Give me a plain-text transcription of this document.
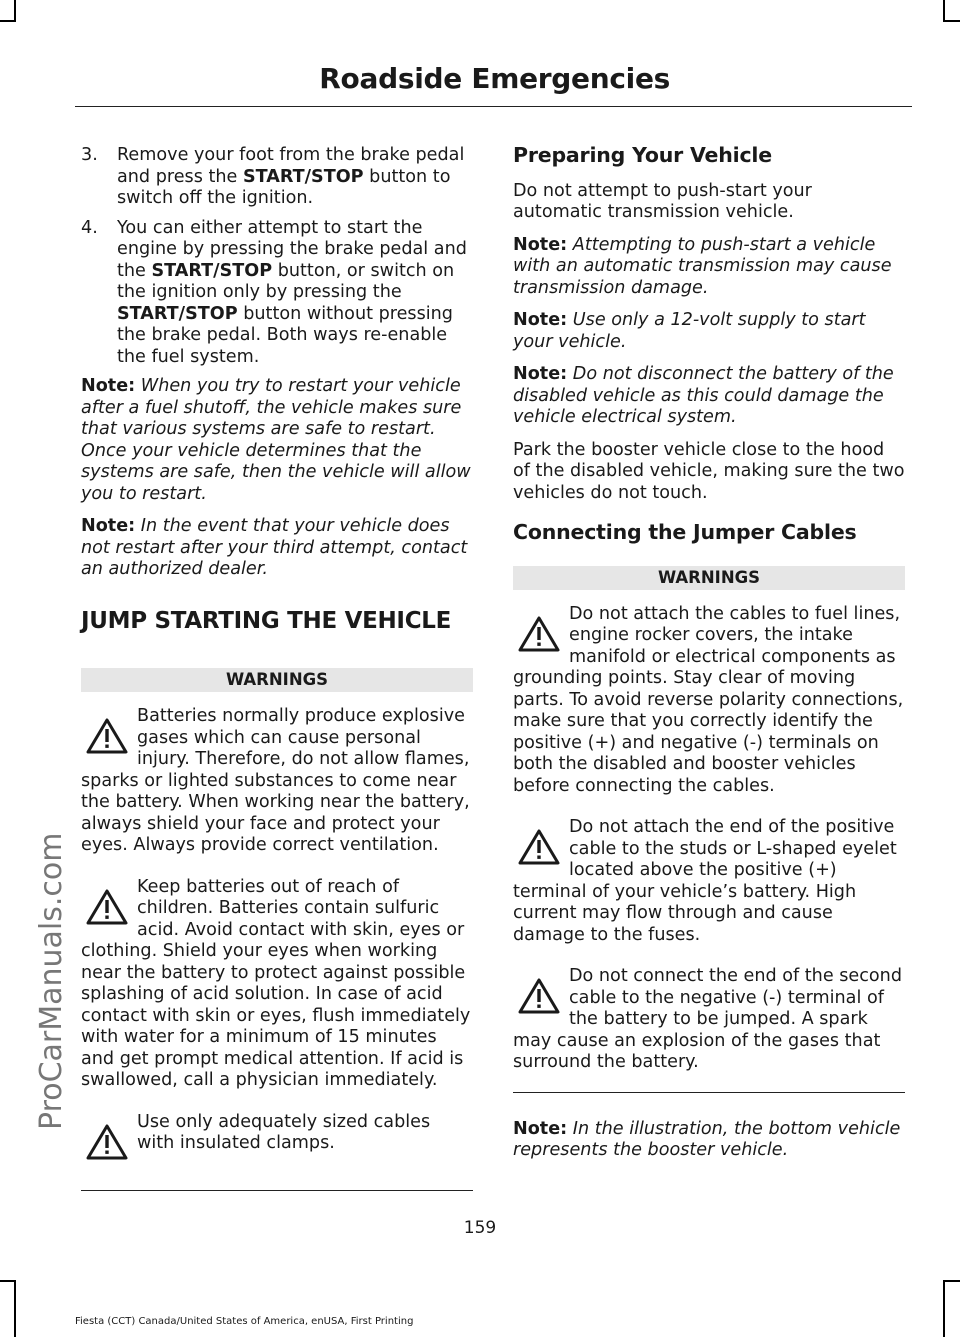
Roadside Emergencies
ProCarManuals.com
3.	Remove your foot from the brake pedal and press the START/STOP button to switch off the ignition.
4.	You can either attempt to start the engine by pressing the brake pedal and the START/STOP button, or switch on the ignition only by pressing the START/STOP button without pressing the brake pedal. Both ways re-enable the fuel system.

Note: When you try to restart your vehicle after a fuel shutoff, the vehicle makes sure that various systems are safe to restart. Once your vehicle determines that the systems are safe, then the vehicle will allow you to restart.

Note: In the event that your vehicle does not restart after your third attempt, contact an authorized dealer.

JUMP STARTING THE VEHICLE
WARNINGS
Batteries normally produce explosive gases which can cause personal injury. Therefore, do not allow flames, sparks or lighted substances to come near the battery. When working near the battery, always shield your face and protect your eyes. Always provide correct ventilation.
Keep batteries out of reach of children. Batteries contain sulfuric acid. Avoid contact with skin, eyes or clothing. Shield your eyes when working near the battery to protect against possible splashing of acid solution. In case of acid contact with skin or eyes, flush immediately with water for a minimum of 15 minutes and get prompt medical attention. If acid is swallowed, call a physician immediately.
Use only adequately sized cables with insulated clamps.
Preparing Your Vehicle

Do not attempt to push-start your automatic transmission vehicle.

Note: Attempting to push-start a vehicle with an automatic transmission may cause transmission damage.

Note: Use only a 12-volt supply to start your vehicle.

Note: Do not disconnect the battery of the disabled vehicle as this could damage the vehicle electrical system.

Park the booster vehicle close to the hood of the disabled vehicle, making sure the two vehicles do not touch.

Connecting the Jumper Cables
WARNINGS
Do not attach the cables to fuel lines, engine rocker covers, the intake manifold or electrical components as grounding points. Stay clear of moving parts. To avoid reverse polarity connections, make sure that you correctly identify the positive (+) and negative (-) terminals on both the disabled and booster vehicles before connecting the cables.
Do not attach the end of the positive cable to the studs or L-shaped eyelet located above the positive (+) terminal of your vehicle’s battery. High current may flow through and cause damage to the fuses.
Do not connect the end of the second cable to the negative (-) terminal of the battery to be jumped. A spark may cause an explosion of the gases that surround the battery.

Note: In the illustration, the bottom vehicle represents the booster vehicle.

159
Fiesta (CCT) Canada/United States of America, enUSA, First Printing
